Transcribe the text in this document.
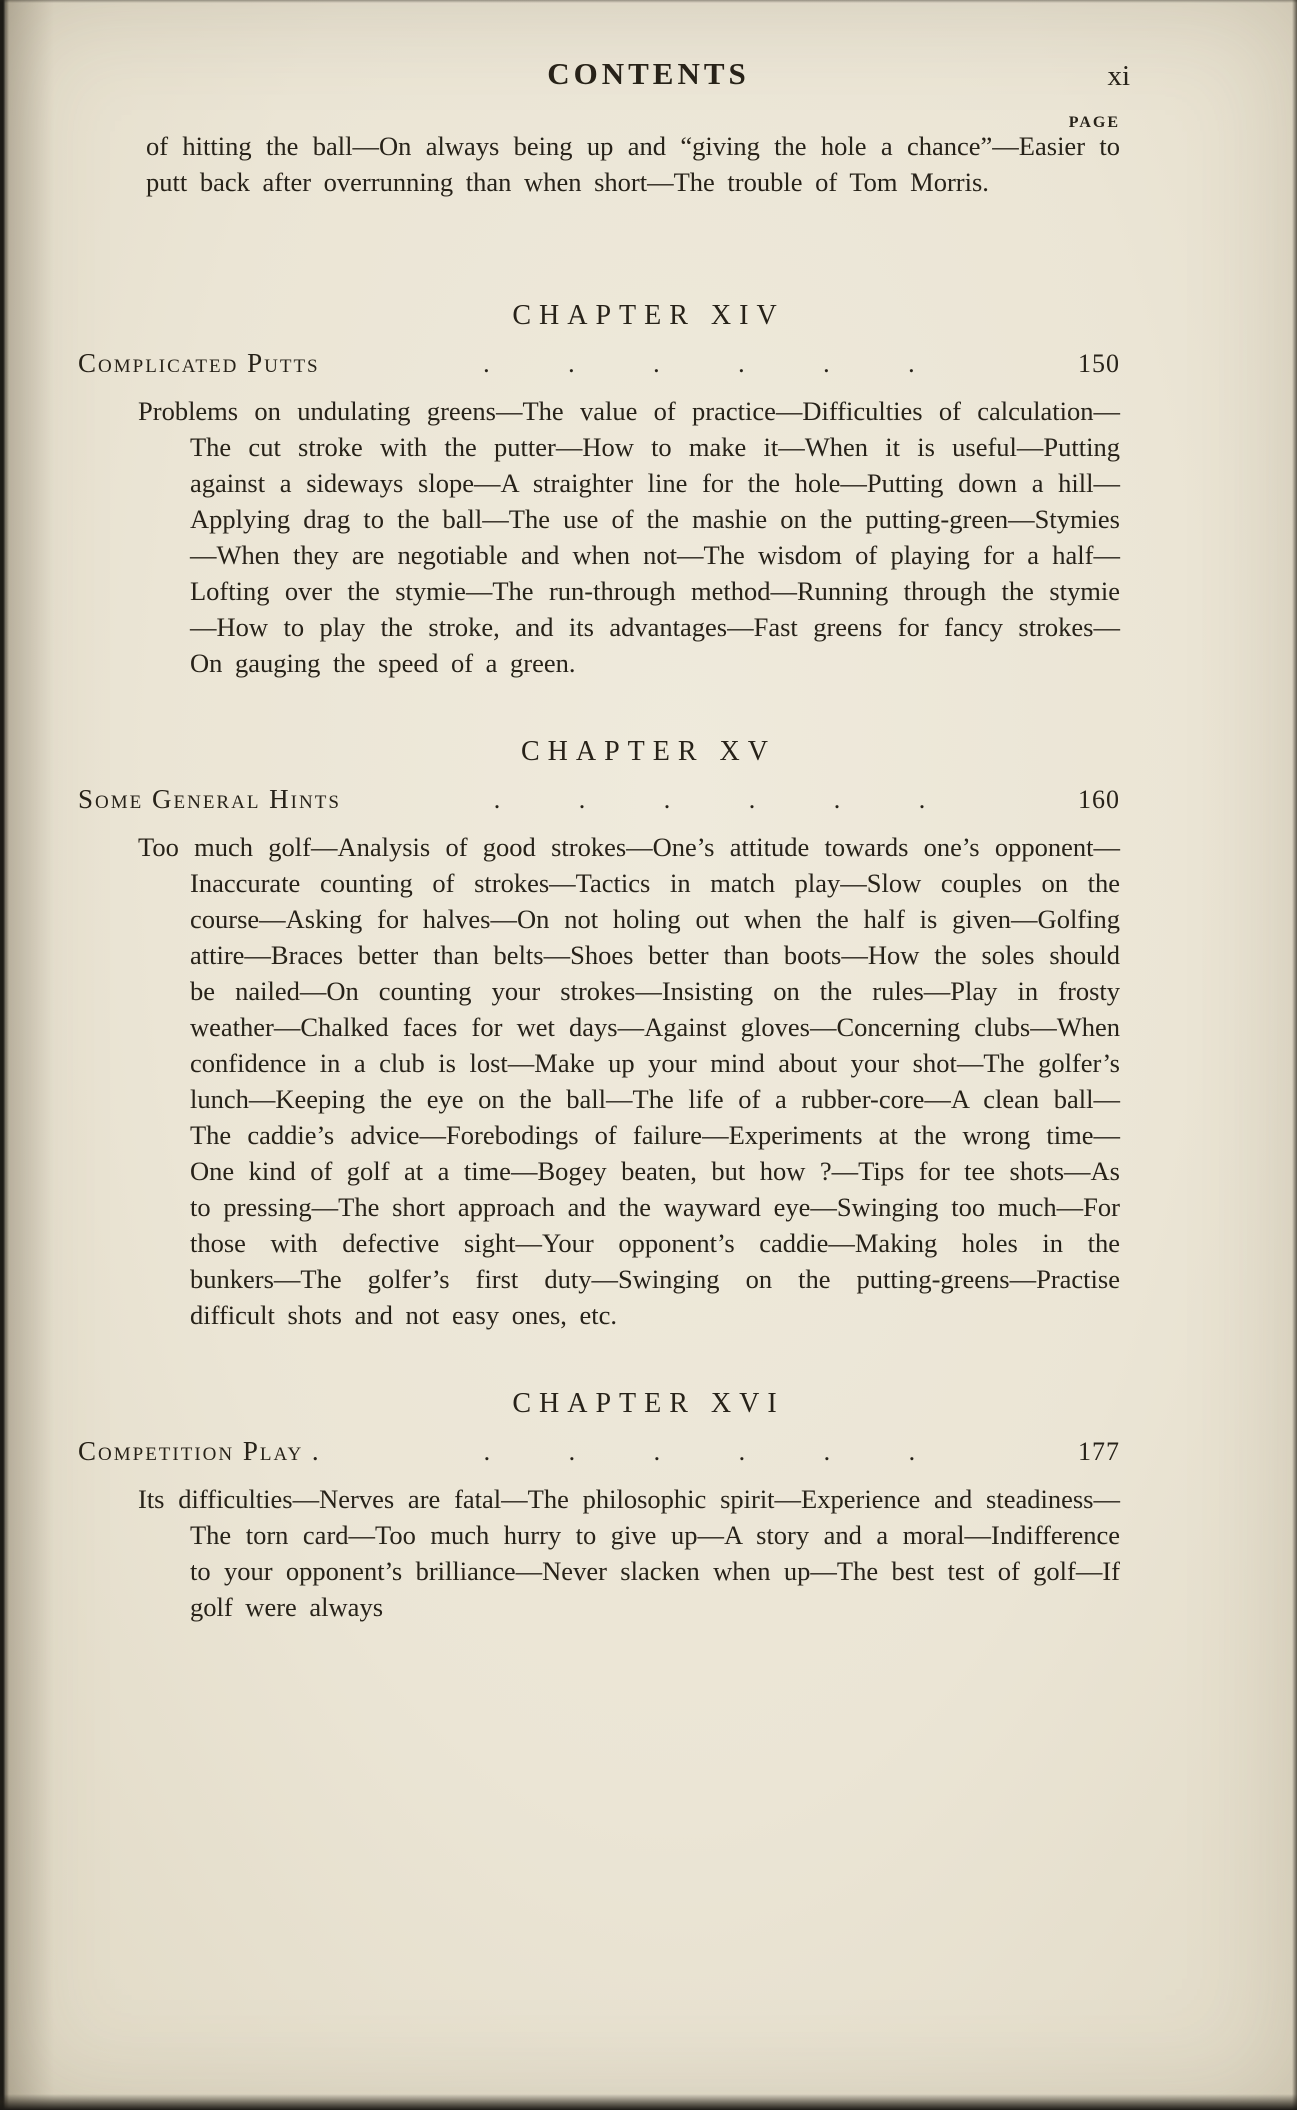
CONTENTS	xi
PAGE

of hitting the ball—On always being up and “giving the hole a chance”—Easier to putt back after overrunning than when short—The trouble of Tom Morris.

CHAPTER XIV
Complicated Putts	. . . . . .	150

Problems on undulating greens—The value of practice—Difficulties of calculation—The cut stroke with the putter—How to make it—When it is useful—Putting against a sideways slope—A straighter line for the hole—Putting down a hill—Applying drag to the ball—The use of the mashie on the putting-green—Stymies—When they are negotiable and when not—The wisdom of playing for a half—Lofting over the stymie—The run-through method—Running through the stymie—How to play the stroke, and its advantages—Fast greens for fancy strokes—On gauging the speed of a green.

CHAPTER XV
Some General Hints	. . . . . .	160

Too much golf—Analysis of good strokes—One’s attitude towards one’s opponent—Inaccurate counting of strokes—Tactics in match play—Slow couples on the course—Asking for halves—On not holing out when the half is given—Golfing attire—Braces better than belts—Shoes better than boots—How the soles should be nailed—On counting your strokes—Insisting on the rules—Play in frosty weather—Chalked faces for wet days—Against gloves—Concerning clubs—When confidence in a club is lost—Make up your mind about your shot—The golfer’s lunch—Keeping the eye on the ball—The life of a rubber-core—A clean ball—The caddie’s advice—Forebodings of failure—Experiments at the wrong time—One kind of golf at a time—Bogey beaten, but how ?—Tips for tee shots—As to pressing—The short approach and the wayward eye—Swinging too much—For those with defective sight—Your opponent’s caddie—Making holes in the bunkers—The golfer’s first duty—Swinging on the putting-greens—Practise difficult shots and not easy ones, etc.

CHAPTER XVI
Competition Play .	. . . . . .	177

Its difficulties—Nerves are fatal—The philosophic spirit—Experience and steadiness—The torn card—Too much hurry to give up—A story and a moral—Indifference to your opponent’s brilliance—Never slacken when up—The best test of golf—If golf were always
